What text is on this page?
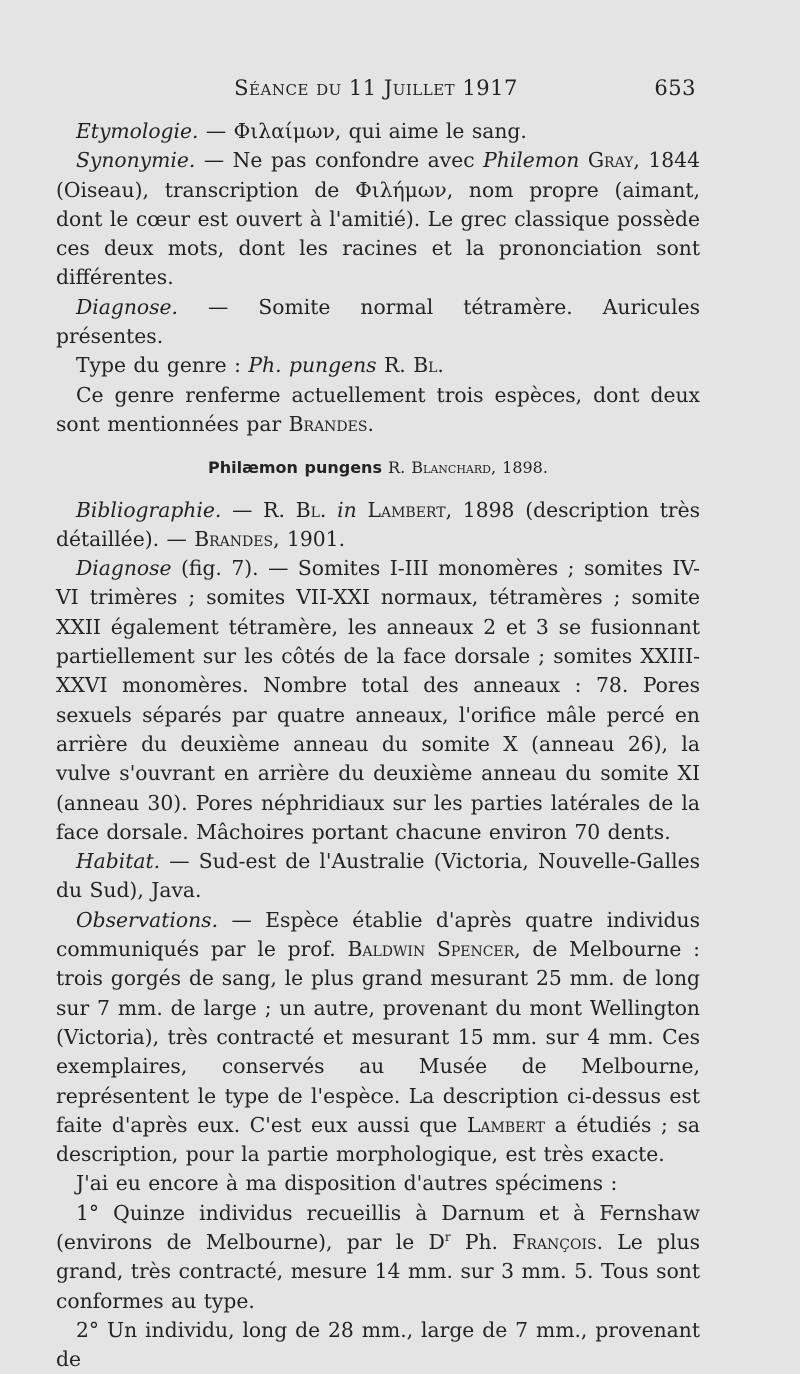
Séance du 11 Juillet 1917	653

Etymologie. — Φιλαίμων, qui aime le sang.

Synonymie. — Ne pas confondre avec Philemon Gray, 1844 (Oiseau), transcription de Φιλήμων, nom propre (aimant, dont le cœur est ouvert à l'amitié). Le grec classique possède ces deux mots, dont les racines et la prononciation sont différentes.

Diagnose. — Somite normal tétramère. Auricules présentes.

Type du genre : Ph. pungens R. Bl.

Ce genre renferme actuellement trois espèces, dont deux sont mentionnées par Brandes.

Philæmon pungens R. Blanchard, 1898.

Bibliographie. — R. Bl. in Lambert, 1898 (description très détaillée). — Brandes, 1901.

Diagnose (fig. 7). — Somites I-III monomères ; somites IV-VI trimères ; somites VII-XXI normaux, tétramères ; somite XXII également tétramère, les anneaux 2 et 3 se fusionnant partiellement sur les côtés de la face dorsale ; somites XXIII-XXVI monomères. Nombre total des anneaux : 78. Pores sexuels séparés par quatre anneaux, l'orifice mâle percé en arrière du deuxième anneau du somite X (anneau 26), la vulve s'ouvrant en arrière du deuxième anneau du somite XI (anneau 30). Pores néphridiaux sur les parties latérales de la face dorsale. Mâchoires portant chacune environ 70 dents.

Habitat. — Sud-est de l'Australie (Victoria, Nouvelle-Galles du Sud), Java.

Observations. — Espèce établie d'après quatre individus communiqués par le prof. Baldwin Spencer, de Melbourne : trois gorgés de sang, le plus grand mesurant 25 mm. de long sur 7 mm. de large ; un autre, provenant du mont Wellington (Victoria), très contracté et mesurant 15 mm. sur 4 mm. Ces exemplaires, conservés au Musée de Melbourne, représentent le type de l'espèce. La description ci-dessus est faite d'après eux. C'est eux aussi que Lambert a étudiés ; sa description, pour la partie morphologique, est très exacte.

J'ai eu encore à ma disposition d'autres spécimens :

1° Quinze individus recueillis à Darnum et à Fernshaw (environs de Melbourne), par le $D^r$ Ph. François. Le plus grand, très contracté, mesure 14 mm. sur 3 mm. 5. Tous sont conformes au type.

2° Un individu, long de 28 mm., large de 7 mm., provenant de
